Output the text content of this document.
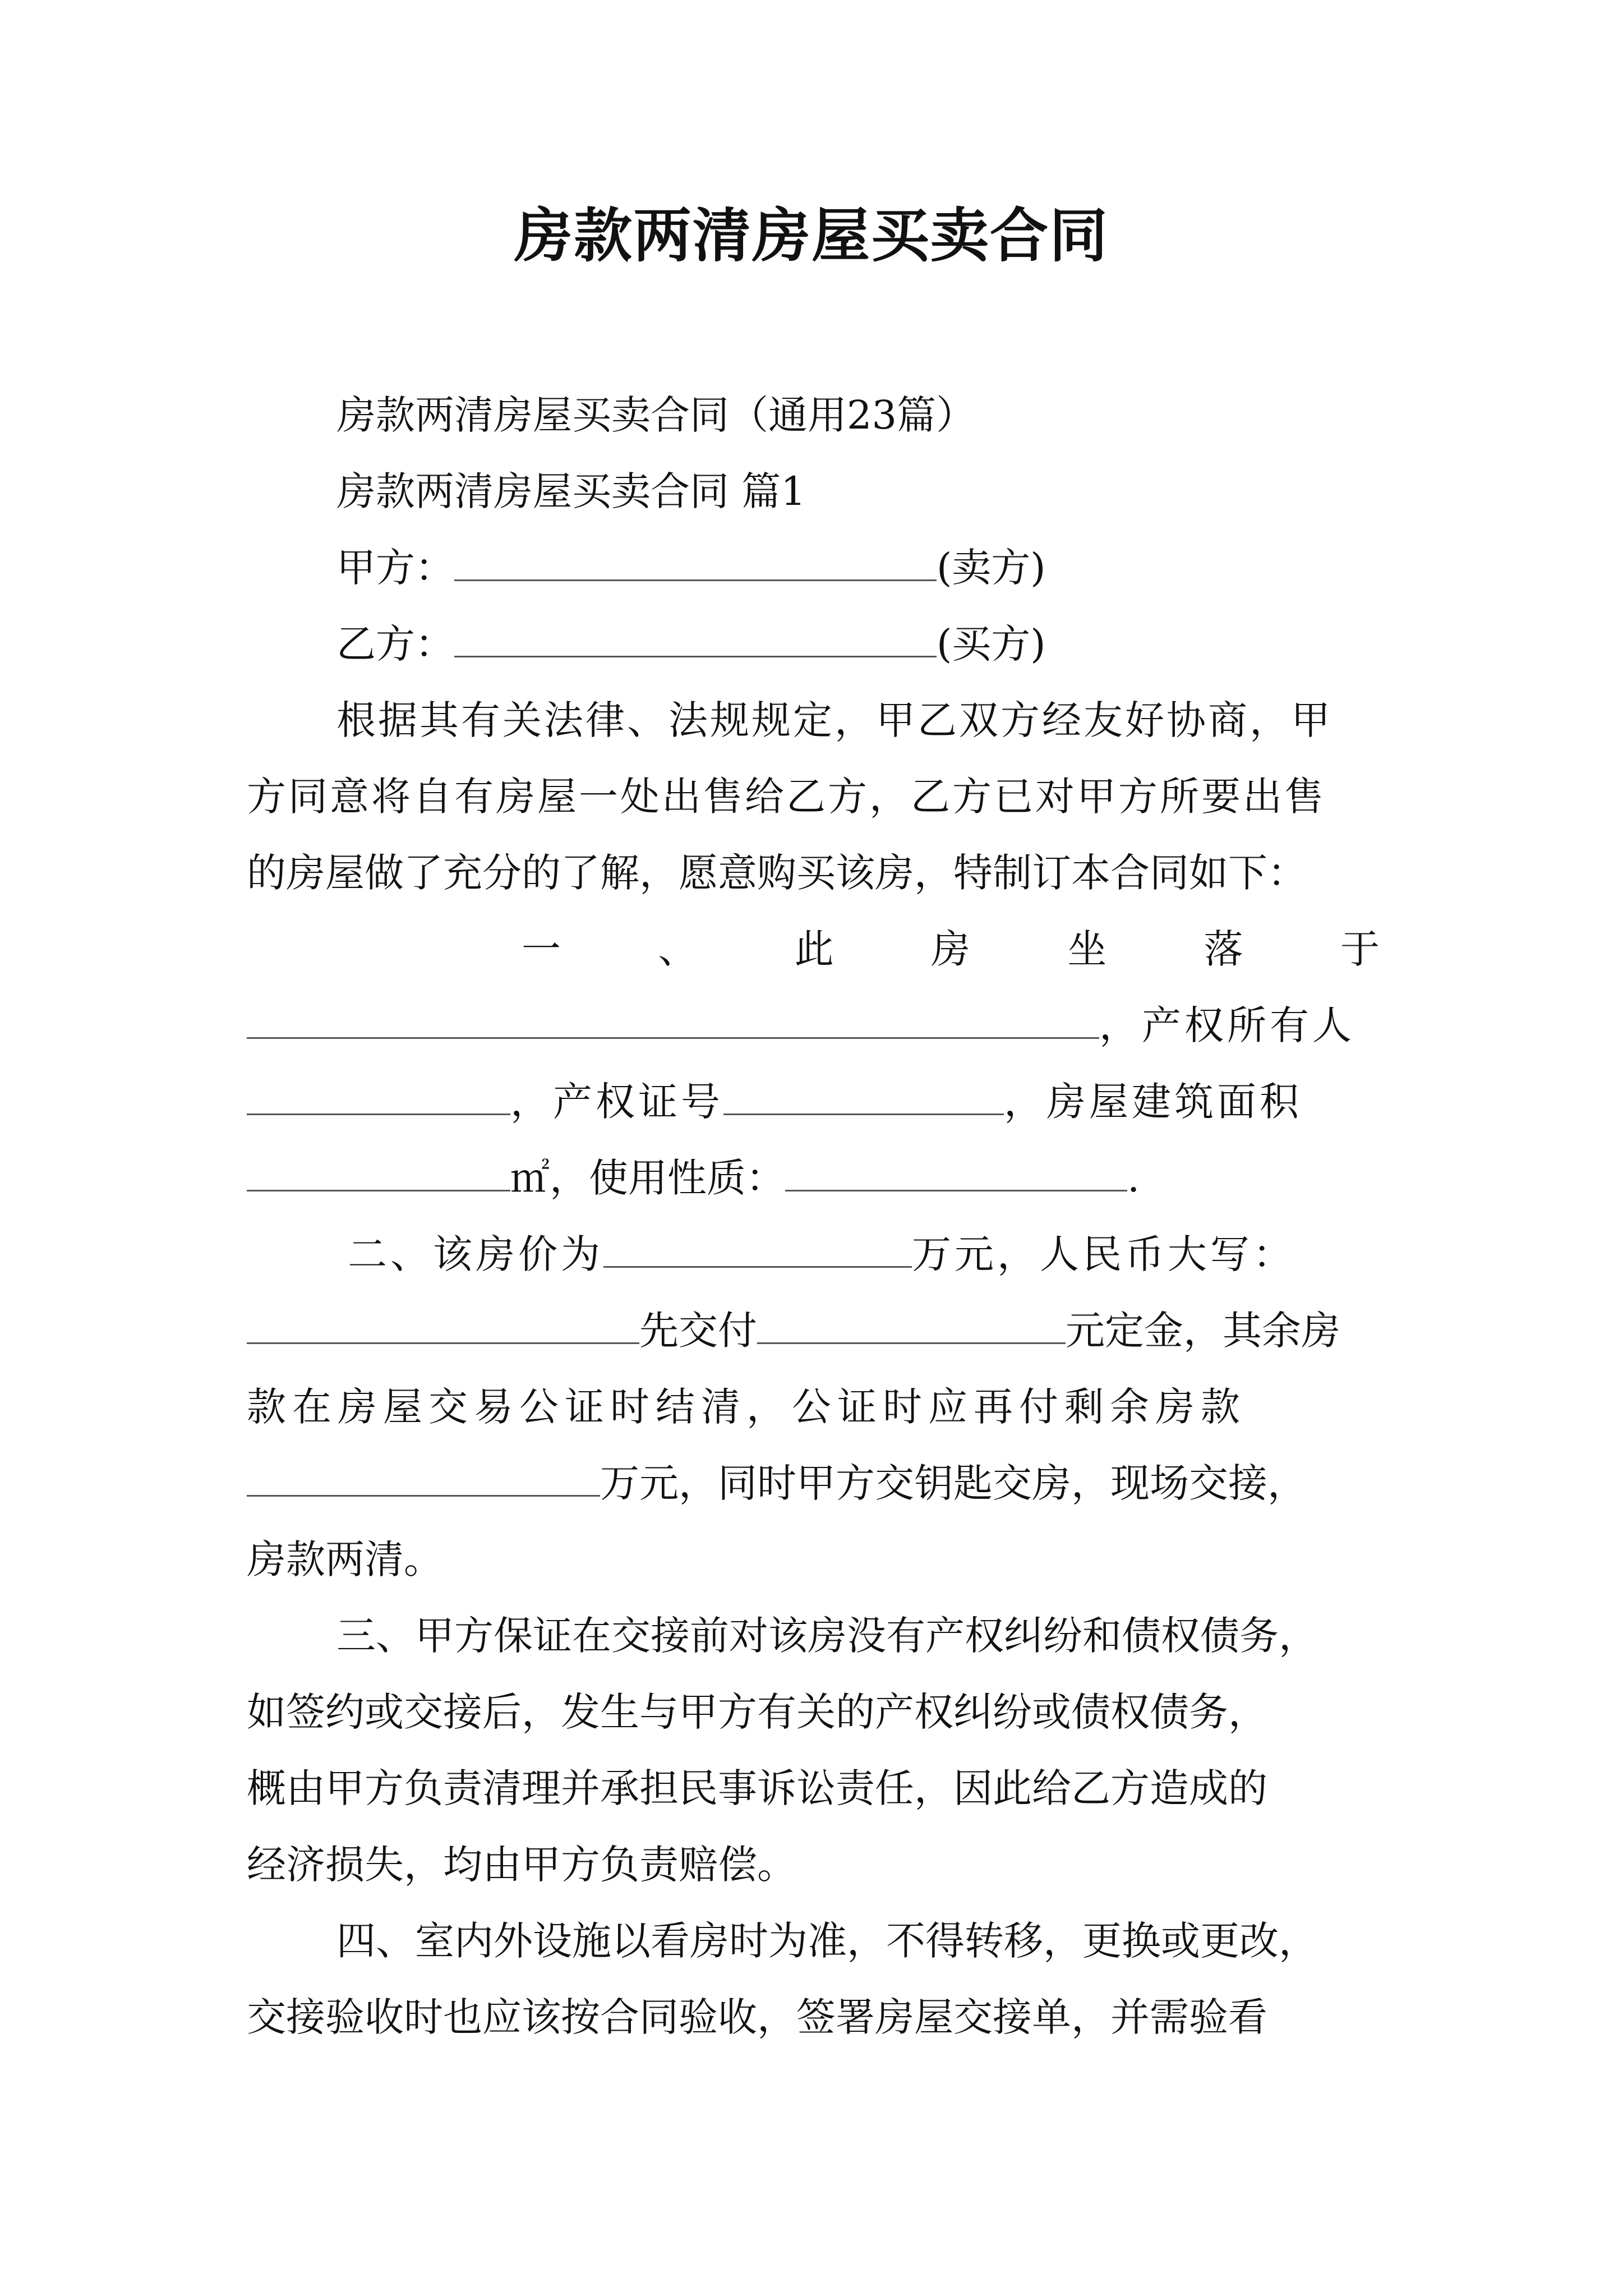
房款两清房屋买卖合同
房款两清房屋买卖合同（通用23篇）
房款两清房屋买卖合同 篇1
甲方：	(卖方)
乙方：	(买方)
根据其有关法律、法规规定，甲乙双方经友好协商，甲
方同意将自有房屋一处出售给乙方，乙方已对甲方所要出售
的房屋做了充分的了解，愿意购买该房，特制订本合同如下：
一 、 此 房 坐 落 于
，产权所有人
，产权证号	，房屋建筑面积
㎡，使用性质：	.
二、该房价为	万元，人民币大写：
先交付	元定金，其余房
款在房屋交易公证时结清，公证时应再付剩余房款
万元，同时甲方交钥匙交房，现场交接，
房款两清。
三、甲方保证在交接前对该房没有产权纠纷和债权债务，
如签约或交接后，发生与甲方有关的产权纠纷或债权债务，
概由甲方负责清理并承担民事诉讼责任，因此给乙方造成的
经济损失，均由甲方负责赔偿。
四、室内外设施以看房时为准，不得转移，更换或更改，
交接验收时也应该按合同验收，签署房屋交接单，并需验看
